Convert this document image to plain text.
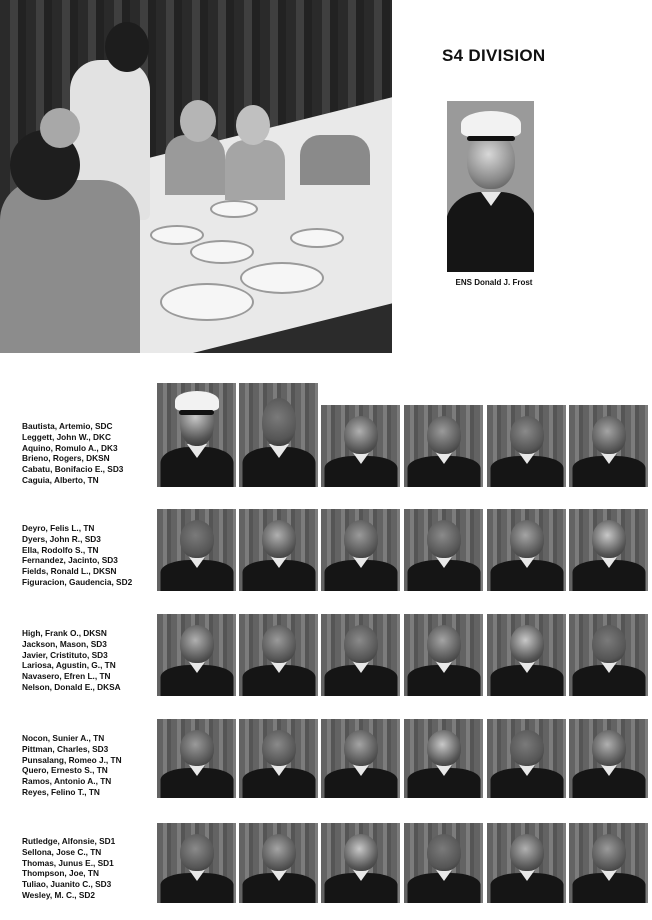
S4 DIVISION
ENS Donald J. Frost
Bautista, Artemio, SDC
Leggett, John W., DKC
Aquino, Romulo A., DK3
Brieno, Rogers, DKSN
Cabatu, Bonifacio E., SD3
Caguia, Alberto, TN
Deyro, Felis L., TN
Dyers, John R., SD3
Ella, Rodolfo S., TN
Fernandez, Jacinto, SD3
Fields, Ronald L., DKSN
Figuracion, Gaudencia, SD2
High, Frank O., DKSN
Jackson, Mason, SD3
Javier, Cristituto, SD3
Lariosa, Agustin, G., TN
Navasero, Efren L., TN
Nelson, Donald E., DKSA
Nocon, Sunier A., TN
Pittman, Charles, SD3
Punsalang, Romeo J., TN
Quero, Ernesto S., TN
Ramos, Antonio A., TN
Reyes, Felino T., TN
Rutledge, Alfonsie, SD1
Sellona, Jose C., TN
Thomas, Junus E., SD1
Thompson, Joe, TN
Tuliao, Juanito C., SD3
Wesley, M. C., SD2
